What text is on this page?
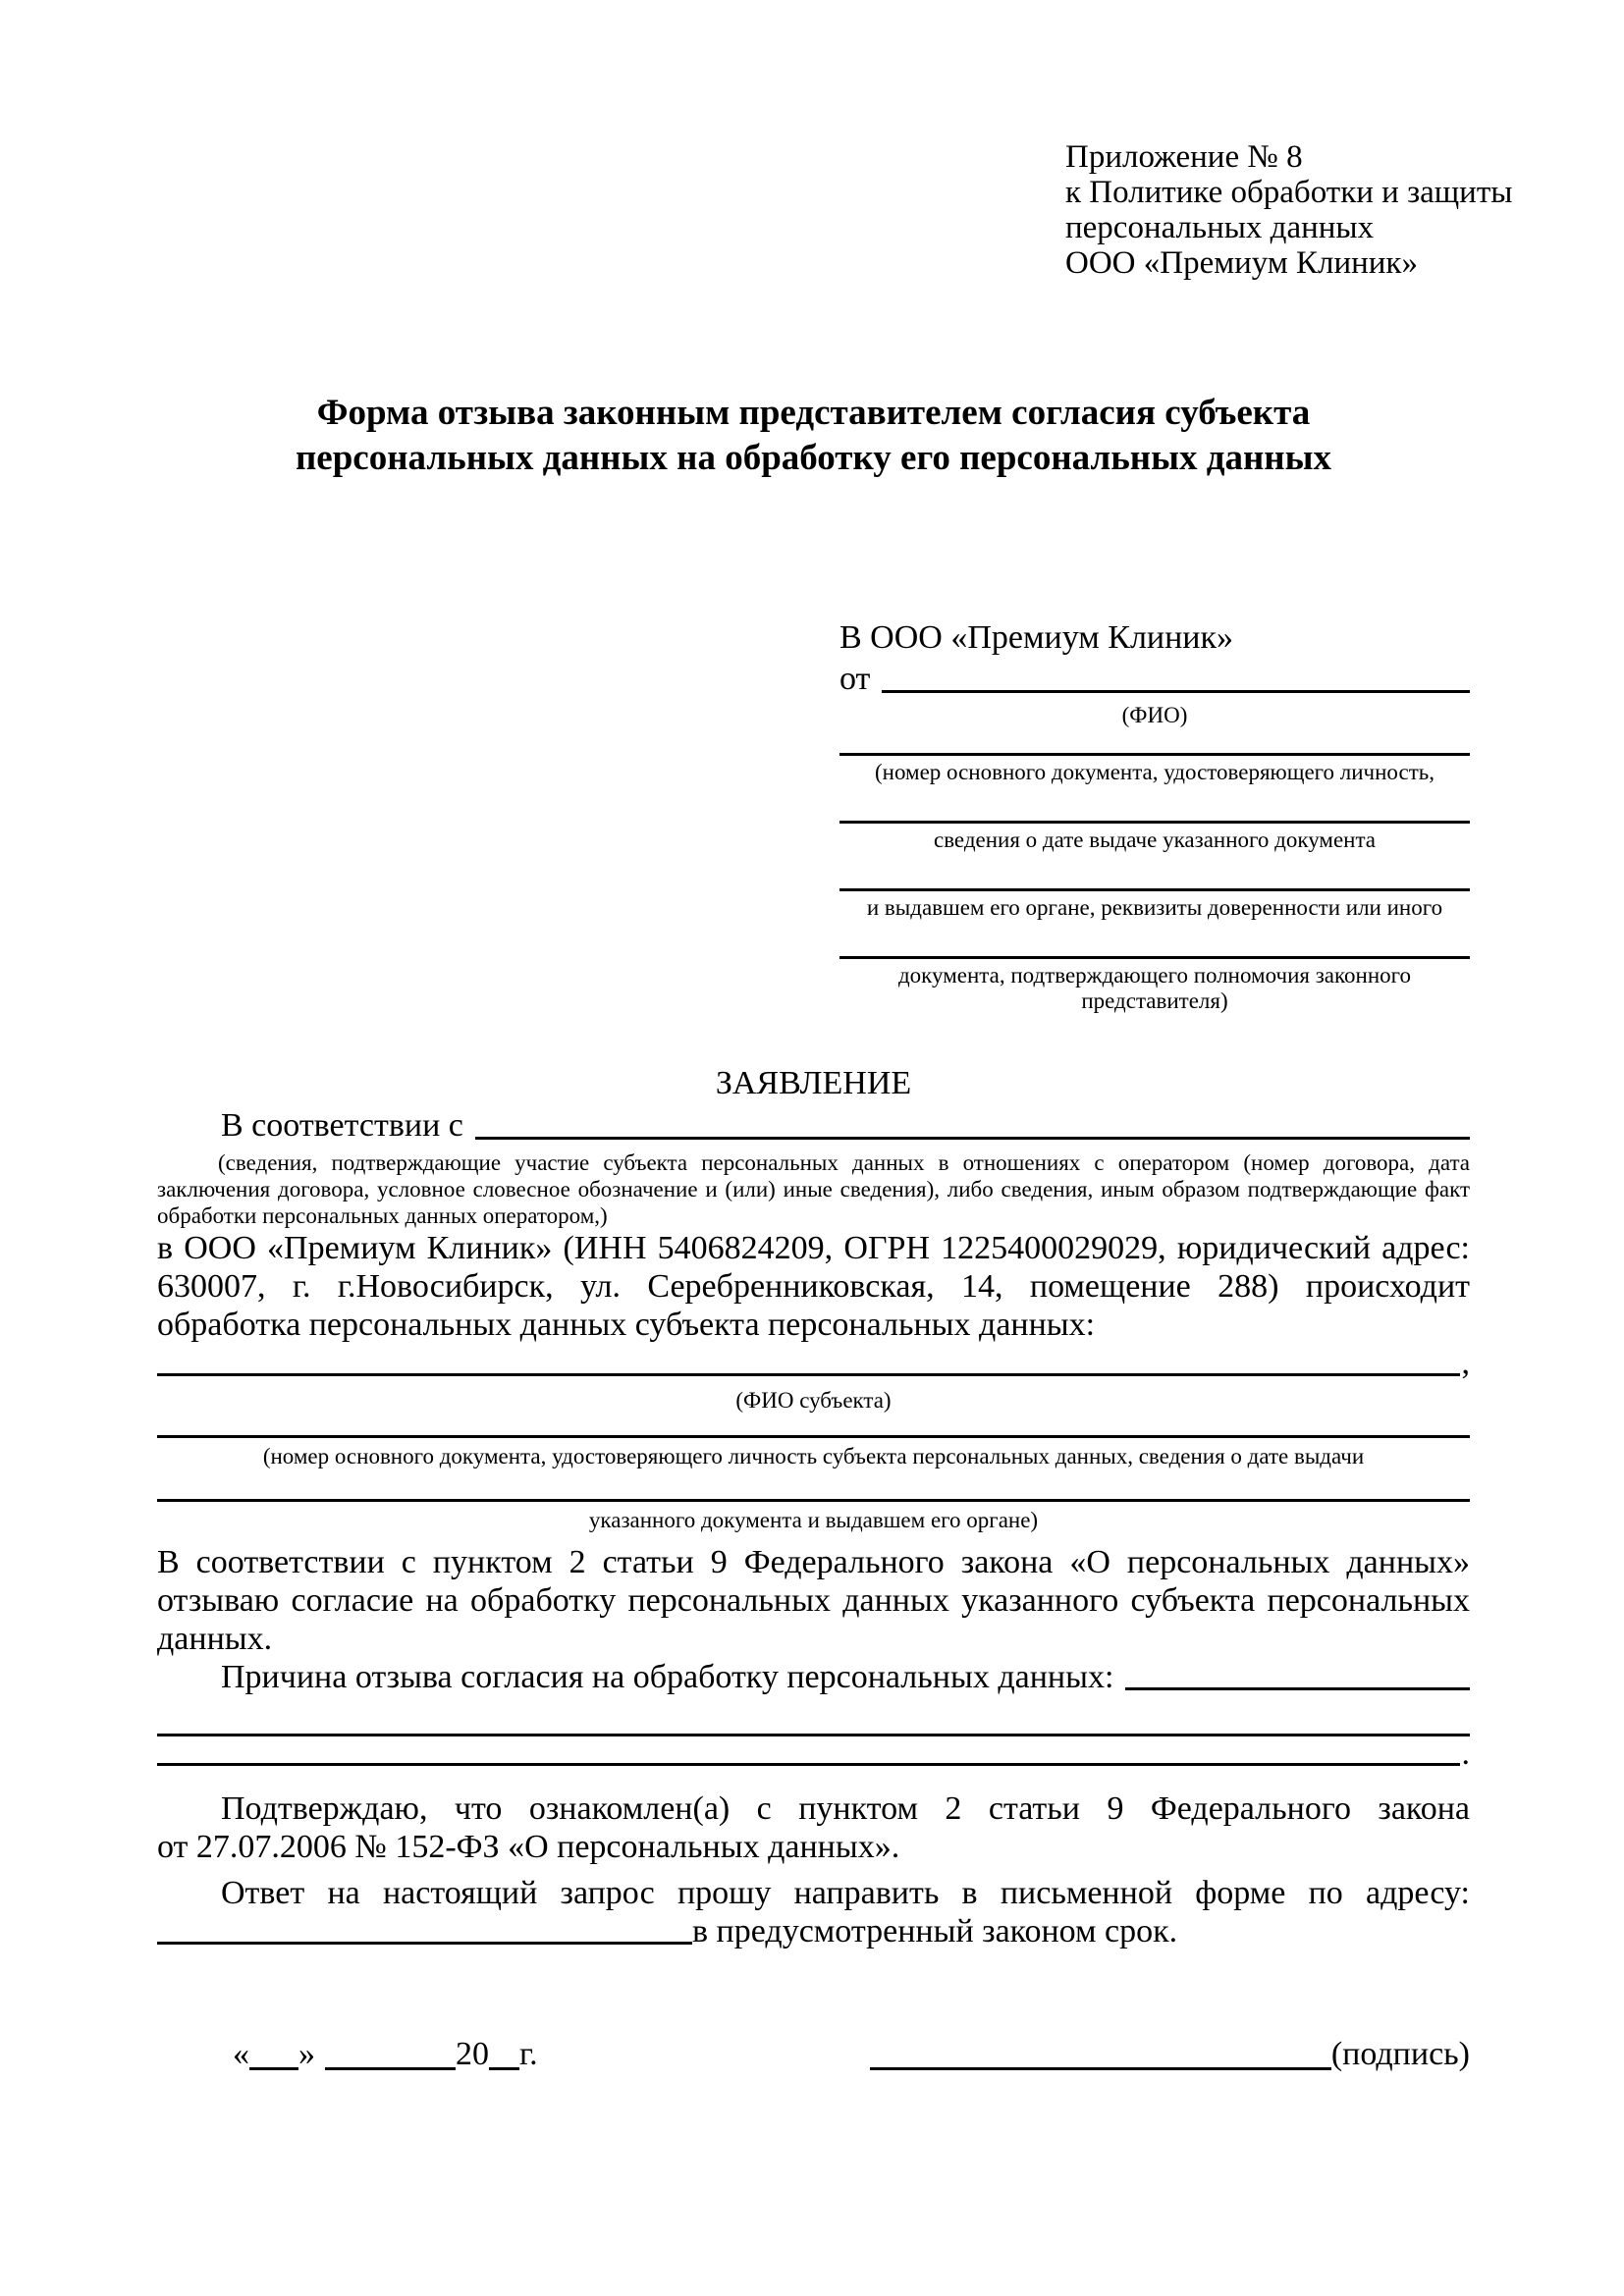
Приложение № 8
к Политике обработки и защиты
персональных данных
ООО «Премиум Клиник»
Форма отзыва законным представителем согласия субъекта
персональных данных на обработку его персональных данных
В ООО «Премиум Клиник»
от
(ФИО)
(номер основного документа, удостоверяющего личность,
сведения о дате выдаче указанного документа
и выдавшем его органе, реквизиты доверенности или иного
документа, подтверждающего полномочия законного представителя)
ЗАЯВЛЕНИЕ
В соответствии с
(сведения, подтверждающие участие субъекта персональных данных в отношениях с оператором (номер договора, дата заключения договора, условное словесное обозначение и (или) иные сведения), либо сведения, иным образом подтверждающие факт обработки персональных данных оператором,)

в ООО «Премиум Клиник» (ИНН 5406824209, ОГРН 1225400029029, юридический адрес: 630007, г. г.Новосибирск, ул. Серебренниковская, 14, помещение 288) происходит обработка персональных данных субъекта персональных данных:

,
(ФИО субъекта)
(номер основного документа, удостоверяющего личность субъекта персональных данных, сведения о дате выдачи
указанного документа и выдавшем его органе)

В соответствии с пунктом 2 статьи 9 Федерального закона «О персональных данных» отзываю согласие на обработку персональных данных указанного субъекта персональных данных.

Причина отзыва согласия на обработку персональных данных:
.
Подтверждаю, что ознакомлен(а) с пунктом 2 статьи 9 Федерального закона
от 27.07.2006 № 152-ФЗ «О персональных данных».
Ответ на настоящий запрос прошу направить в письменной форме по адресу:
в предусмотренный законом срок.
« »	20 г.	(подпись)
